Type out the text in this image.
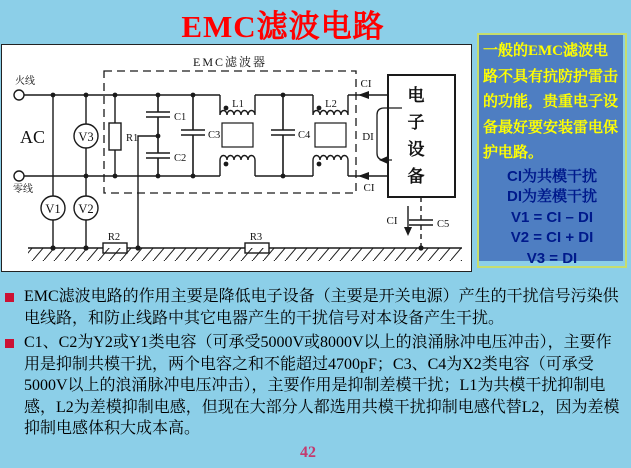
EMC滤波电路
EMC滤波器
火线
零线
AC
V1 V2
V3	R1
R2	R3
C1
C2
C3	C4
C5
L1	L2
CI
CI
CI
DI
电子设备
一般的EMC滤波电路不具有抗防护雷击的功能，贵重电子设备最好要安装雷电保护电路。
CI为共模干扰
DI为差模干扰
V1 = CI – DI
V2 = CI + DI
V3 = DI
EMC滤波电路的作用主要是降低电子设备（主要是开关电源）产生的干扰信号污染供电线路，和防止线路中其它电器产生的干扰信号对本设备产生干扰。
C1、C2为Y2或Y1类电容（可承受5000V或8000V以上的浪涌脉冲电压冲击），主要作用是抑制共模干扰，两个电容之和不能超过4700pF；C3、C4为X2类电容（可承受5000V以上的浪涌脉冲电压冲击），主要作用是抑制差模干扰；L1为共模干扰抑制电感，L2为差模抑制电感，但现在大部分人都选用共模干扰抑制电感代替L2，因为差模抑制电感体积大成本高。
42
